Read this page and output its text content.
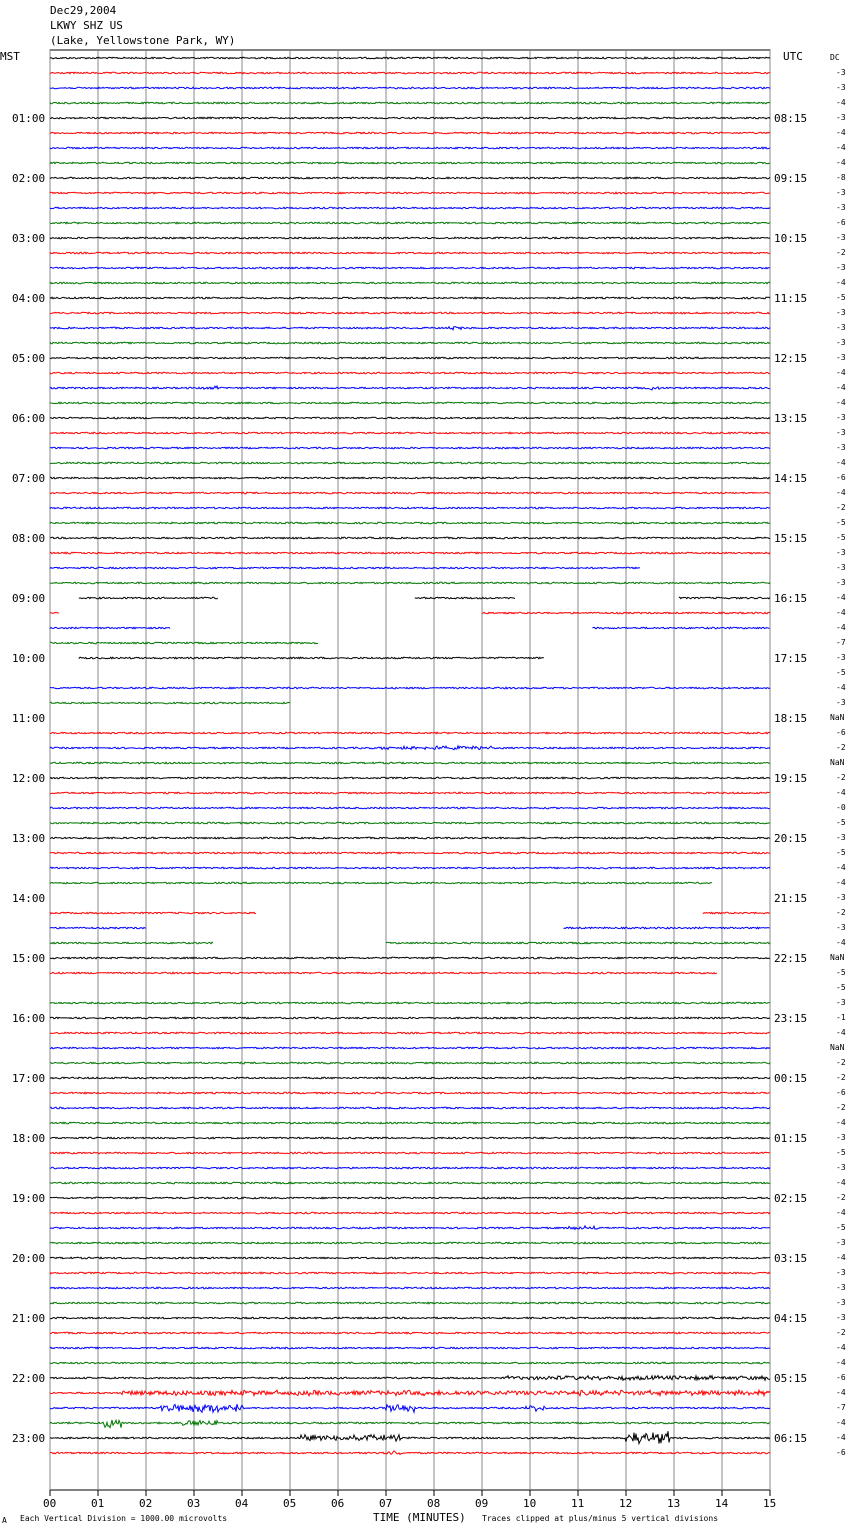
Dec29,2004
LKWY SHZ US
(Lake, Yellowstone Park, WY)
MST	UTC
01:00
02:00
03:00
04:00
05:00
06:00
07:00
08:00
09:00
10:00
11:00
12:00
13:00
14:00
15:00
16:00
17:00
18:00
19:00
20:00
21:00
22:00
23:00
08:15
09:15
10:15
11:15
12:15
13:15
14:15
15:15
16:15
17:15
18:15
19:15
20:15
21:15
22:15
23:15
00:15
01:15
02:15
03:15
04:15
05:15
06:15
DC
-3
-3
-4
-3
-4
-4
-4
-8
-3
-3
-6
-3
-2
-3
-4
-5
-3
-3
-3
-3
-4
-4
-4
-3
-3
-3
-4
-6
-4
-2
-5
-5
-3
-3
-3
-4
-4
-4
-7
-3
-5
-4
-3
NaN
-6
-2
NaN
-2
-4
-0
-5
-3
-5
-4
-4
-3
-2
-3
-4
NaN
-5
-5
-3
-1
-4
NaN
-2
-2
-6
-2
-4
-3
-5
-3
-4
-2
-4
-5
-3
-4
-3
-3
-3
-3
-2
-4
-4
-6
-4
-7
-4
-4
-6
00	01	02	03	04	05	06	07	08	09	10	11	12	13	14	15
A Each Vertical Division = 1000.00 microvolts	TIME (MINUTES) Traces clipped at plus/minus 5 vertical divisions
